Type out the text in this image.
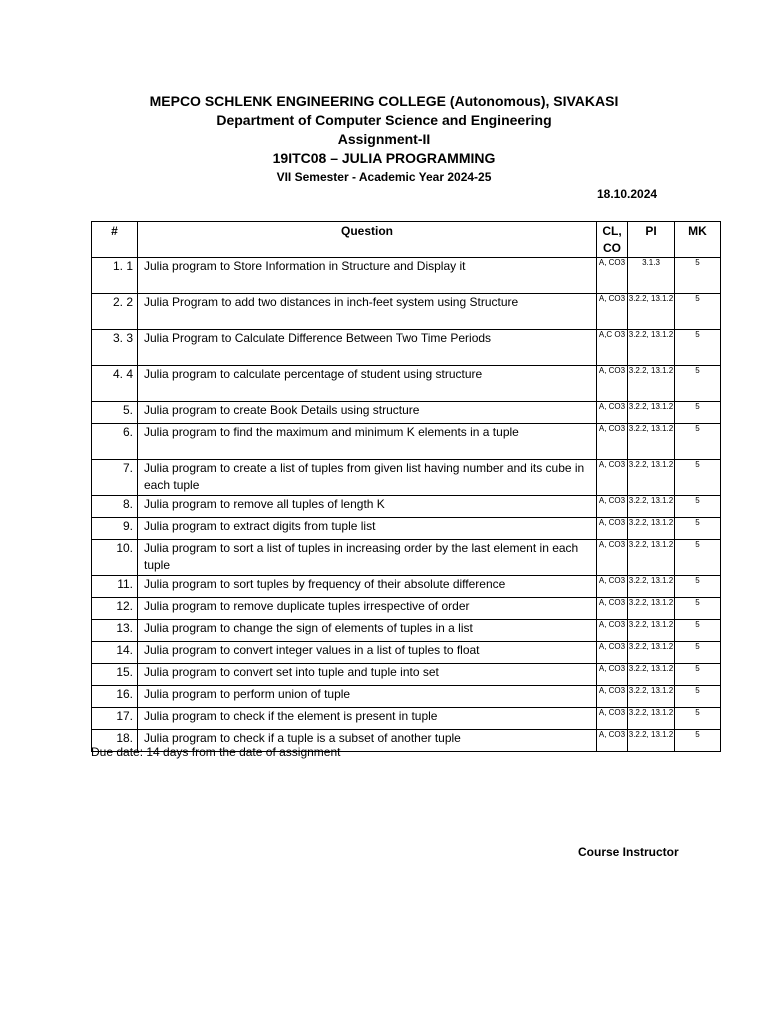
MEPCO SCHLENK ENGINEERING COLLEGE (Autonomous), SIVAKASI
Department of Computer Science and Engineering
Assignment-II
19ITC08 – JULIA PROGRAMMING
VII Semester - Academic Year 2024-25
18.10.2024
#	Question	CL, CO	PI	MK
1. 1	Julia program to Store Information in Structure and Display it	A, CO3	3.1.3	5
2. 2	Julia Program to add two distances in inch-feet system using Structure	A, CO3	3.2.2, 13.1.2	5
3. 3	Julia Program to Calculate Difference Between Two Time Periods	A,C O3	3.2.2, 13.1.2	5
4. 4	Julia program to calculate percentage of student using structure	A, CO3	3.2.2, 13.1.2	5
5.	Julia program to create Book Details using structure	A, CO3	3.2.2, 13.1.2	5
6.	Julia program to find the maximum and minimum K elements in a tuple	A, CO3	3.2.2, 13.1.2	5
7.	Julia program to create a list of tuples from given list having number and its cube in each tuple	A, CO3	3.2.2, 13.1.2	5
8.	Julia program to remove all tuples of length K	A, CO3	3.2.2, 13.1.2	5
9.	Julia program to extract digits from tuple list	A, CO3	3.2.2, 13.1.2	5
10.	Julia program to sort a list of tuples in increasing order by the last element in each tuple	A, CO3	3.2.2, 13.1.2	5
11.	Julia program to sort tuples by frequency of their absolute difference	A, CO3	3.2.2, 13.1.2	5
12.	Julia program to remove duplicate tuples irrespective of order	A, CO3	3.2.2, 13.1.2	5
13.	Julia program to change the sign of elements of tuples in a list	A, CO3	3.2.2, 13.1.2	5
14.	Julia program to convert integer values in a list of tuples to float	A, CO3	3.2.2, 13.1.2	5
15.	Julia program to convert set into tuple and tuple into set	A, CO3	3.2.2, 13.1.2	5
16.	Julia program to perform union of tuple	A, CO3	3.2.2, 13.1.2	5
17.	Julia program to check if the element is present in tuple	A, CO3	3.2.2, 13.1.2	5
18.	Julia program to check if a tuple is a subset of another tuple	A, CO3	3.2.2, 13.1.2	5
Due date: 14 days from the date of assignment
Course Instructor
